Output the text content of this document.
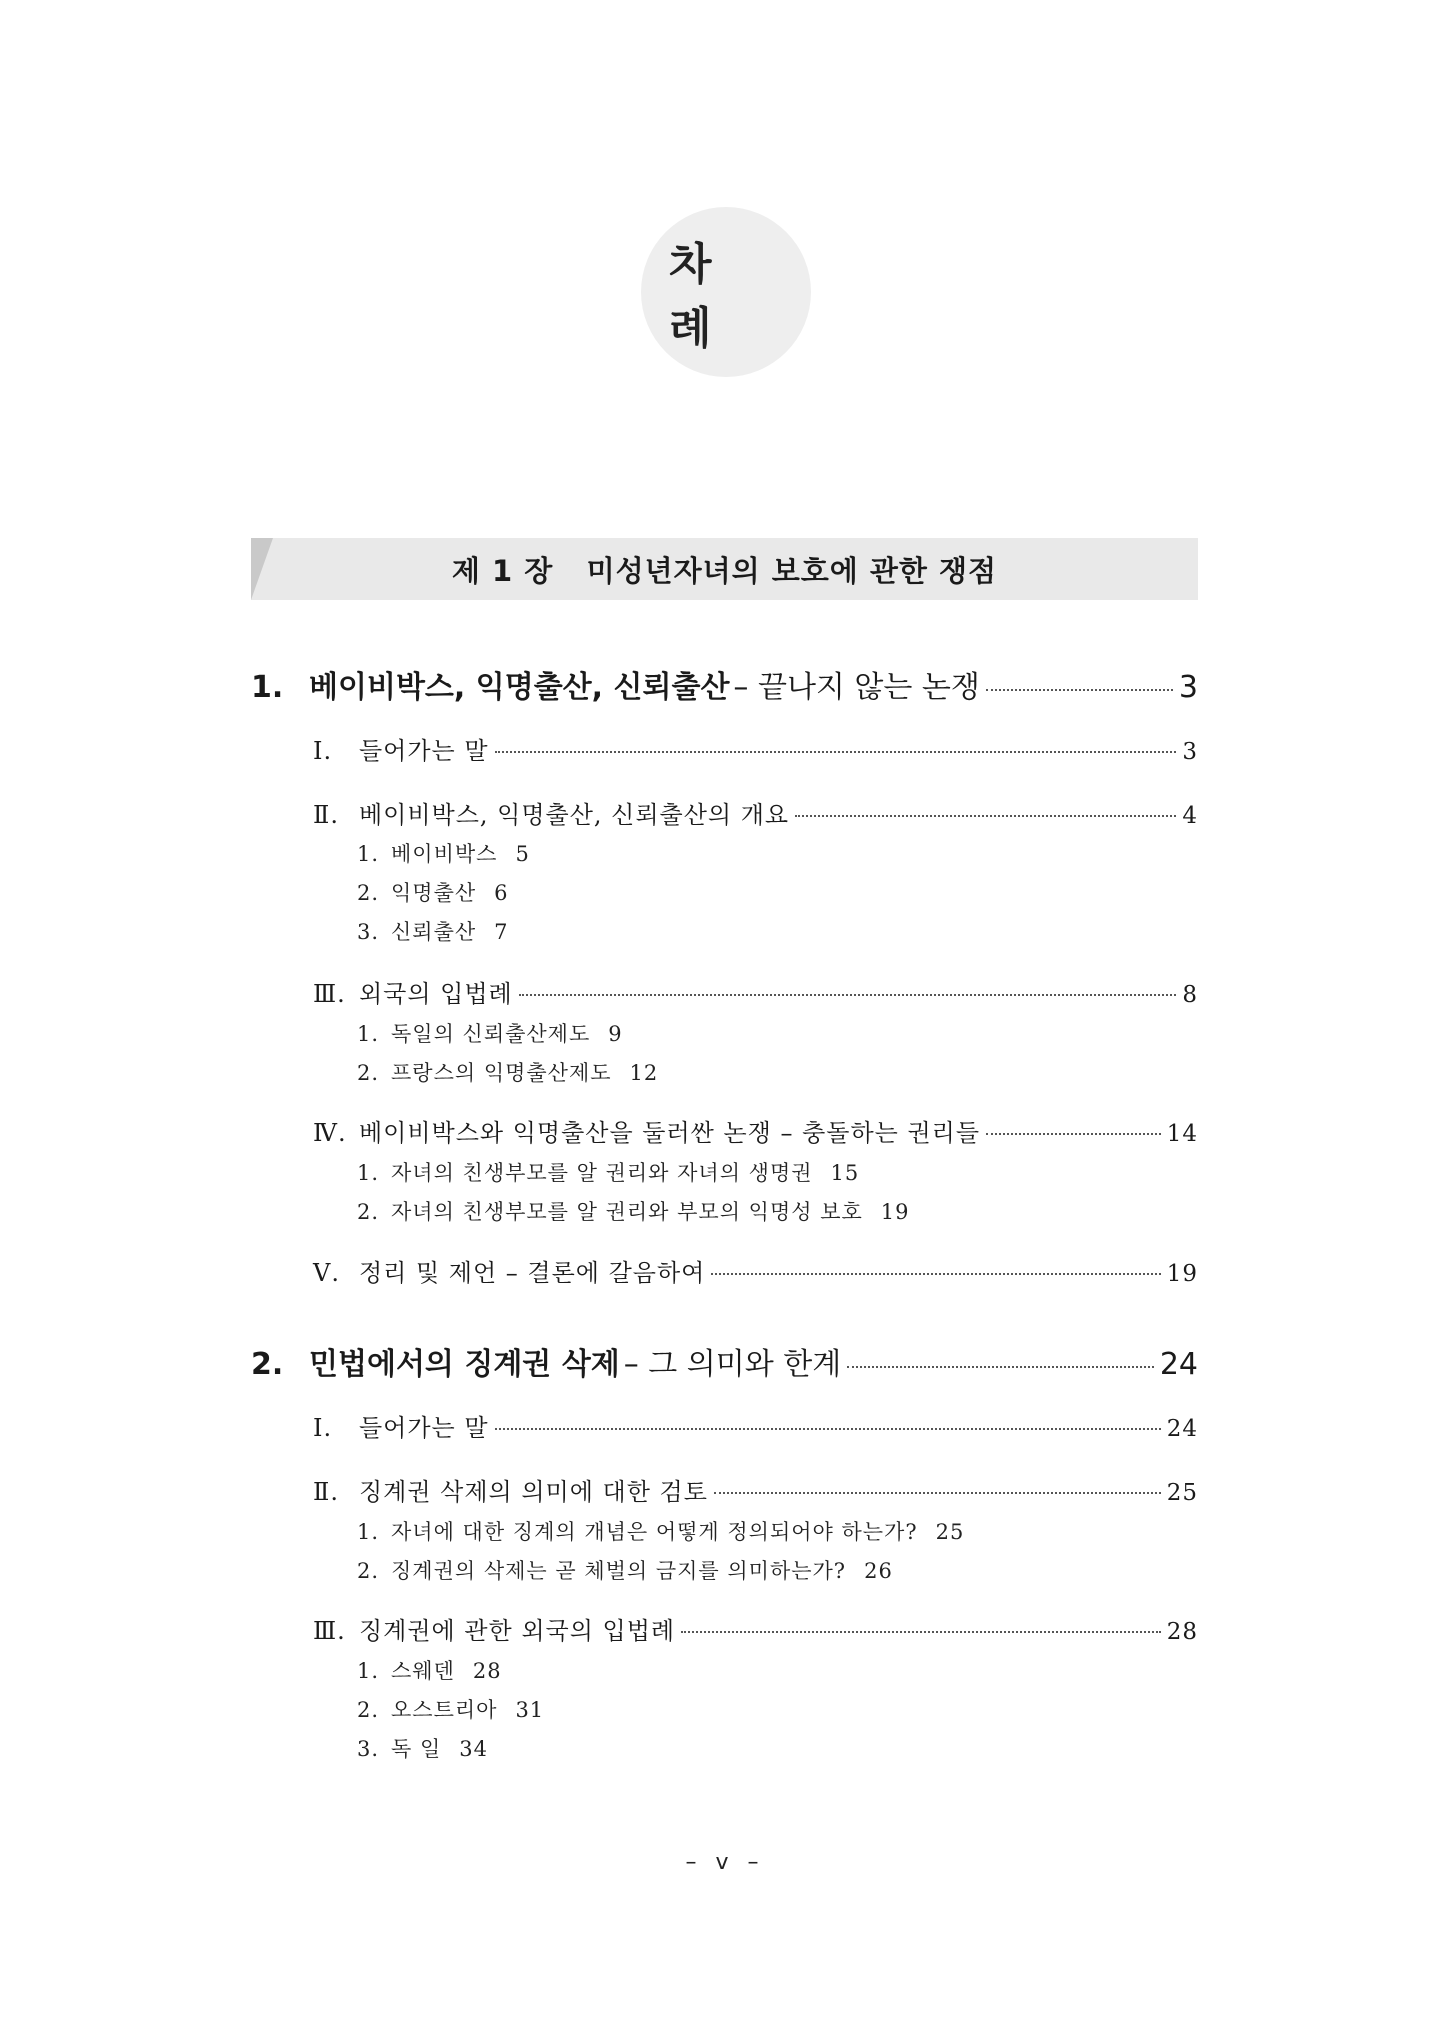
차 례
제 1 장   미성년자녀의 보호에 관한 쟁점
1. 베이비박스, 익명출산, 신뢰출산 – 끝나지 않는 논쟁	3
Ⅰ.	들어가는 말	3
Ⅱ. 베이비박스, 익명출산, 신뢰출산의 개요	4
1. 베이비박스 5
2. 익명출산 6
3. 신뢰출산 7
Ⅲ. 외국의 입법례	8
1. 독일의 신뢰출산제도 9
2. 프랑스의 익명출산제도 12
Ⅳ. 베이비박스와 익명출산을 둘러싼 논쟁 – 충돌하는 권리들	14
1. 자녀의 친생부모를 알 권리와 자녀의 생명권 15
2. 자녀의 친생부모를 알 권리와 부모의 익명성 보호 19
Ⅴ. 정리 및 제언 – 결론에 갈음하여	19
2. 민법에서의 징계권 삭제 – 그 의미와 한계	24
Ⅰ.	들어가는 말	24
Ⅱ. 징계권 삭제의 의미에 대한 검토	25
1. 자녀에 대한 징계의 개념은 어떻게 정의되어야 하는가? 25
2. 징계권의 삭제는 곧 체벌의 금지를 의미하는가? 26
Ⅲ. 징계권에 관한 외국의 입법례	28
1. 스웨덴 28
2. 오스트리아 31
3. 독 일 34
– v –
